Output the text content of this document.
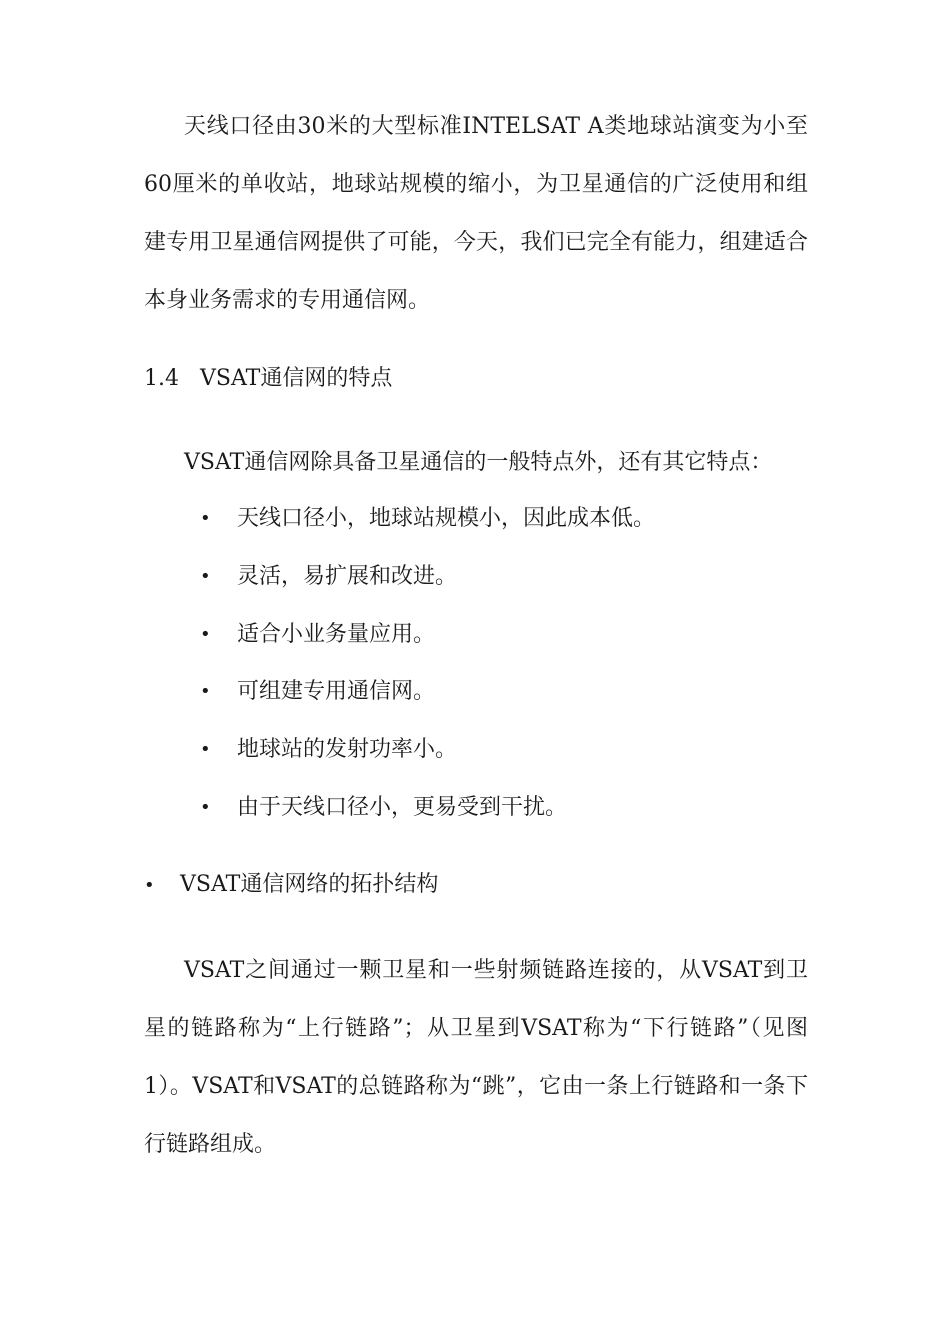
天线口径由30米的大型标准INTELSAT A类地球站演变为小至60厘米的单收站，地球站规模的缩小，为卫星通信的广泛使用和组建专用卫星通信网提供了可能，今天，我们已完全有能力，组建适合本身业务需求的专用通信网。

1.4 VSAT通信网的特点

VSAT通信网除具备卫星通信的一般特点外，还有其它特点：

•	天线口径小，地球站规模小，因此成本低。
•	灵活，易扩展和改进。
•	适合小业务量应用。
•	可组建专用通信网。
•	地球站的发射功率小。
•	由于天线口径小，更易受到干扰。
• VSAT通信网络的拓扑结构

VSAT之间通过一颗卫星和一些射频链路连接的，从VSAT到卫星的链路称为“上行链路”；从卫星到VSAT称为“下行链路”（见图1）。VSAT和VSAT的总链路称为“跳”，它由一条上行链路和一条下行链路组成。
